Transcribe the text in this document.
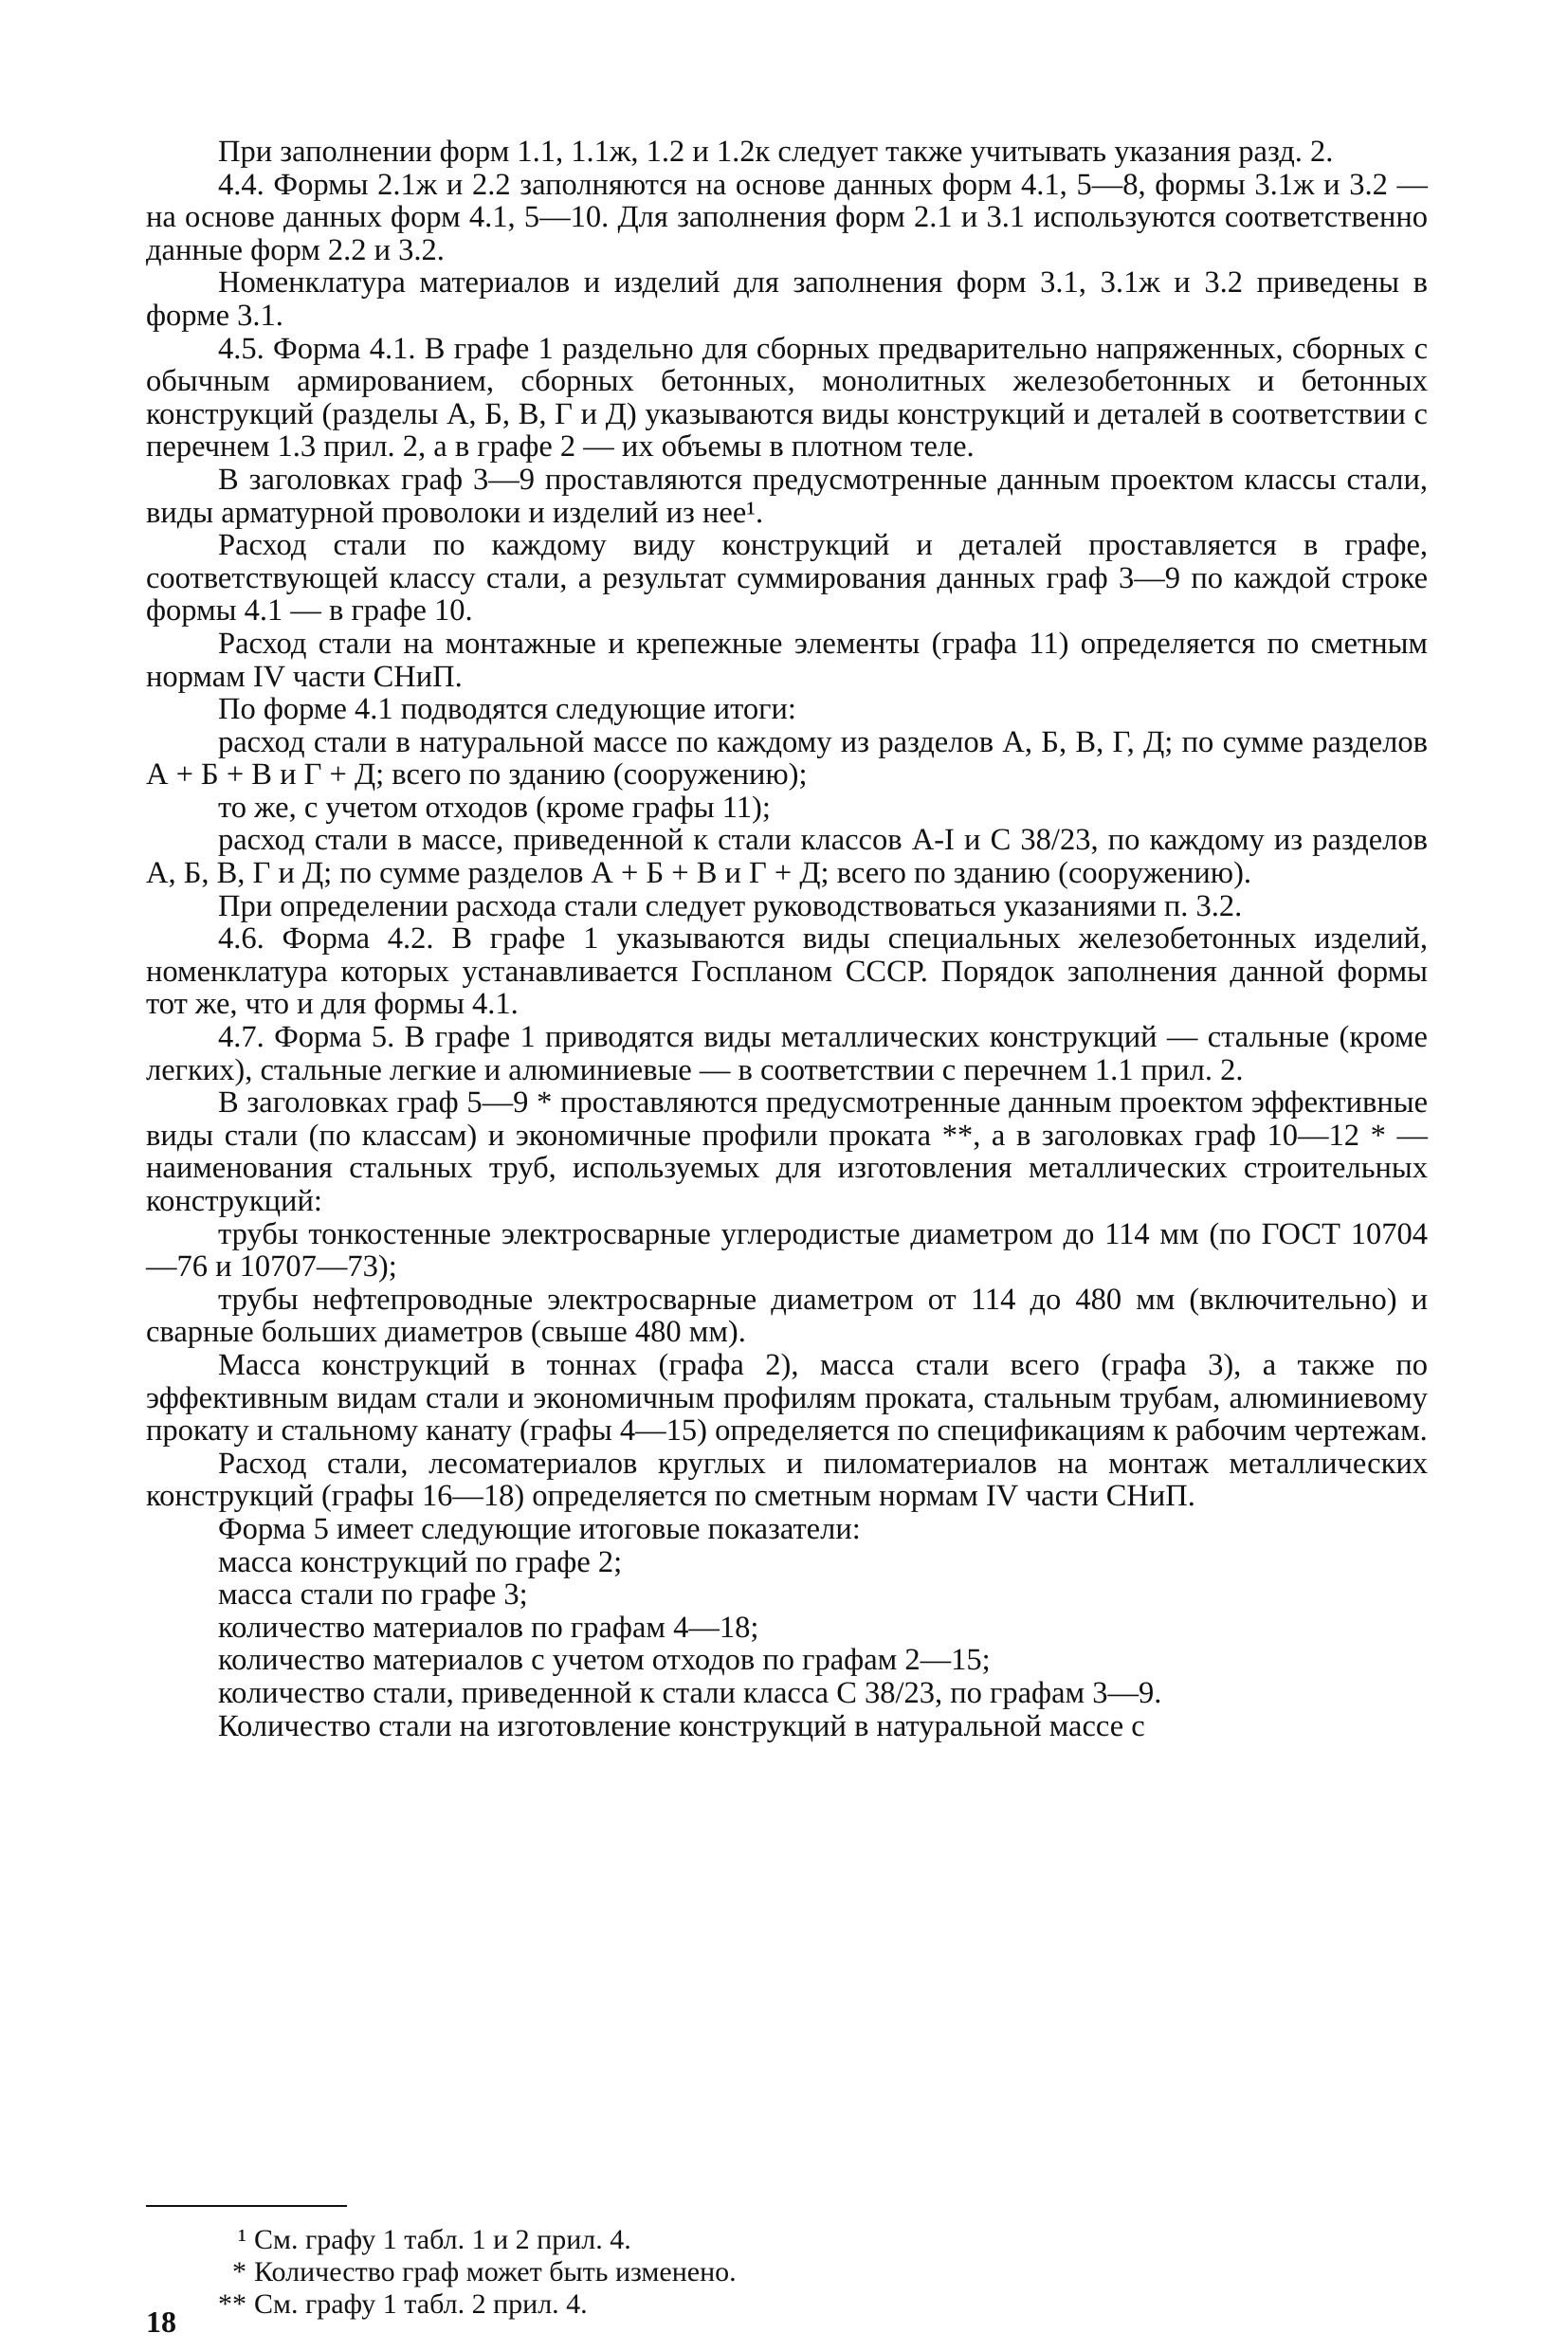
При заполнении форм 1.1, 1.1ж, 1.2 и 1.2к следует также учитывать указания разд. 2.

4.4. Формы 2.1ж и 2.2 заполняются на основе данных форм 4.1, 5—8, формы 3.1ж и 3.2 — на основе данных форм 4.1, 5—10. Для заполнения форм 2.1 и 3.1 используются соответственно данные форм 2.2 и 3.2.

Номенклатура материалов и изделий для заполнения форм 3.1, 3.1ж и 3.2 приведены в форме 3.1.

4.5. Форма 4.1. В графе 1 раздельно для сборных предварительно напряженных, сборных с обычным армированием, сборных бетонных, монолитных железобетонных и бетонных конструкций (разделы А, Б, В, Г и Д) указываются виды конструкций и деталей в соответствии с перечнем 1.3 прил. 2, а в графе 2 — их объемы в плотном теле.

В заголовках граф 3—9 проставляются предусмотренные данным проектом классы стали, виды арматурной проволоки и изделий из нее¹.

Расход стали по каждому виду конструкций и деталей проставляется в графе, соответствующей классу стали, а результат суммирования данных граф 3—9 по каждой строке формы 4.1 — в графе 10.

Расход стали на монтажные и крепежные элементы (графа 11) определяется по сметным нормам IV части СНиП.

По форме 4.1 подводятся следующие итоги:

расход стали в натуральной массе по каждому из разделов А, Б, В, Г, Д; по сумме разделов А + Б + В и Г + Д; всего по зданию (сооружению);

то же, с учетом отходов (кроме графы 11);

расход стали в массе, приведенной к стали классов А-I и С 38/23, по каждому из разделов А, Б, В, Г и Д; по сумме разделов А + Б + В и Г + Д; всего по зданию (сооружению).

При определении расхода стали следует руководствоваться указаниями п. 3.2.

4.6. Форма 4.2. В графе 1 указываются виды специальных железобетонных изделий, номенклатура которых устанавливается Госпланом СССР. Порядок заполнения данной формы тот же, что и для формы 4.1.

4.7. Форма 5. В графе 1 приводятся виды металлических конструкций — стальные (кроме легких), стальные легкие и алюминиевые — в соответствии с перечнем 1.1 прил. 2.

В заголовках граф 5—9 * проставляются предусмотренные данным проектом эффективные виды стали (по классам) и экономичные профили проката **, а в заголовках граф 10—12 * — наименования стальных труб, используемых для изготовления металлических строительных конструкций:

трубы тонкостенные электросварные углеродистые диаметром до 114 мм (по ГОСТ 10704—76 и 10707—73);

трубы нефтепроводные электросварные диаметром от 114 до 480 мм (включительно) и сварные больших диаметров (свыше 480 мм).

Масса конструкций в тоннах (графа 2), масса стали всего (графа 3), а также по эффективным видам стали и экономичным профилям проката, стальным трубам, алюминиевому прокату и стальному канату (графы 4—15) определяется по спецификациям к рабочим чертежам.

Расход стали, лесоматериалов круглых и пиломатериалов на монтаж металлических конструкций (графы 16—18) определяется по сметным нормам IV части СНиП.

Форма 5 имеет следующие итоговые показатели:

масса конструкций по графе 2;

масса стали по графе 3;

количество материалов по графам 4—18;

количество материалов с учетом отходов по графам 2—15;

количество стали, приведенной к стали класса С 38/23, по графам 3—9.

Количество стали на изготовление конструкций в натуральной массе с

¹ См. графу 1 табл. 1 и 2 прил. 4.

* Количество граф может быть изменено.

** См. графу 1 табл. 2 прил. 4.

18
